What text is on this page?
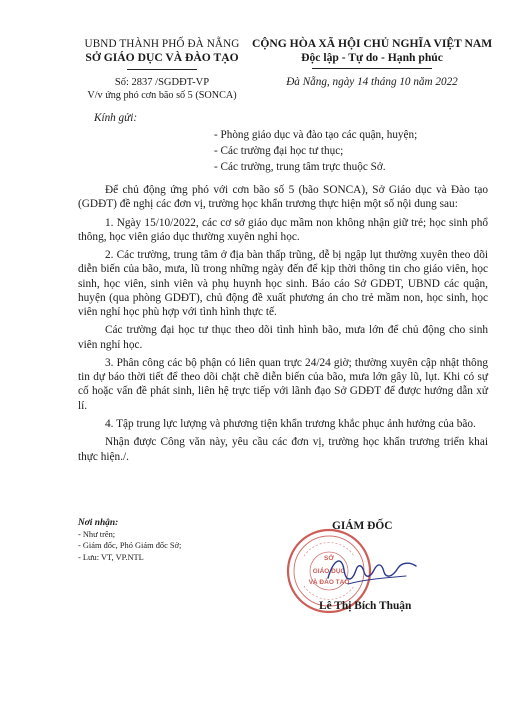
UBND THÀNH PHỐ ĐÀ NẴNG
SỞ GIÁO DỤC VÀ ĐÀO TẠO
Số: 2837 /SGDĐT-VP
V/v ứng phó cơn bão số 5 (SONCA)
CỘNG HÒA XÃ HỘI CHỦ NGHĨA VIỆT NAM
Độc lập - Tự do - Hạnh phúc
Đà Nẵng, ngày 14 tháng 10 năm 2022
Kính gửi:
- Phòng giáo dục và đào tạo các quận, huyện;
- Các trường đại học tư thục;
- Các trường, trung tâm trực thuộc Sở.

Để chủ động ứng phó với cơn bão số 5 (bão SONCA), Sở Giáo dục và Đào tạo (GDĐT) đề nghị các đơn vị, trường học khẩn trương thực hiện một số nội dung sau:

1. Ngày 15/10/2022, các cơ sở giáo dục mầm non không nhận giữ trẻ; học sinh phổ thông, học viên giáo dục thường xuyên nghỉ học.

2. Các trường, trung tâm ở địa bàn thấp trũng, dễ bị ngập lụt thường xuyên theo dõi diễn biến của bão, mưa, lũ trong những ngày đến để kịp thời thông tin cho giáo viên, học sinh, học viên, sinh viên và phụ huynh học sinh. Báo cáo Sở GDĐT, UBND các quận, huyện (qua phòng GDĐT), chủ động đề xuất phương án cho trẻ mầm non, học sinh, học viên nghỉ học phù hợp với tình hình thực tế.

Các trường đại học tư thục theo dõi tình hình bão, mưa lớn để chủ động cho sinh viên nghỉ học.

3. Phân công các bộ phận có liên quan trực 24/24 giờ; thường xuyên cập nhật thông tin dự báo thời tiết để theo dõi chặt chẽ diễn biến của bão, mưa lớn gây lũ, lụt. Khi có sự cố hoặc vấn đề phát sinh, liên hệ trực tiếp với lãnh đạo Sở GDĐT để được hướng dẫn xử lí.

4. Tập trung lực lượng và phương tiện khẩn trương khắc phục ảnh hưởng của bão.

Nhận được Công văn này, yêu cầu các đơn vị, trường học khẩn trương triển khai thực hiện./.

Nơi nhận:
- Như trên;
- Giám đốc, Phó Giám đốc Sở;
- Lưu: VT, VP.NTL
GIÁM ĐỐC
SỞ
GIÁO DỤC
VÀ ĐÀO TẠO
Lê Thị Bích Thuận
